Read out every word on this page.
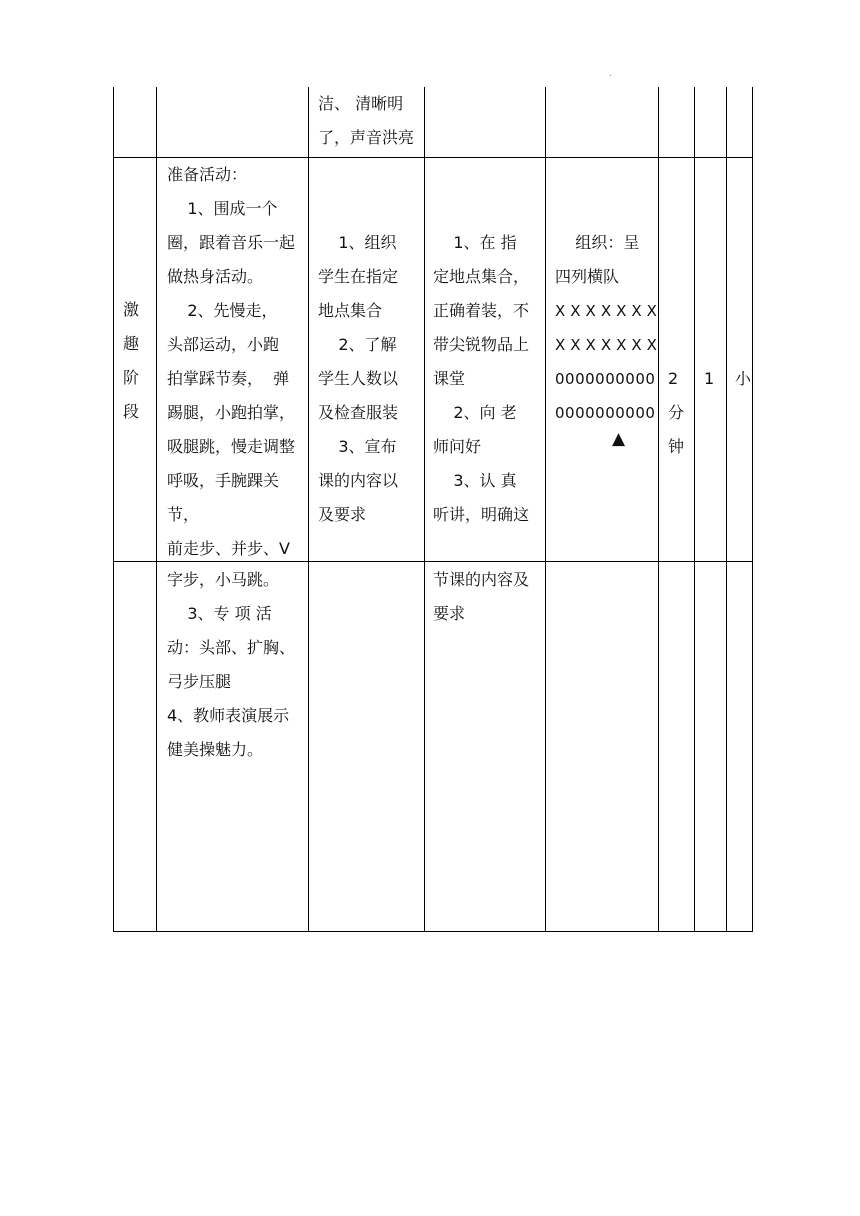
.
洁、 清晰明
了，声音洪亮
激
趣
阶
段
准备活动：
1、围成一个
圈，跟着音乐一起
做热身活动。
2、先慢走，
头部运动，小跑
拍掌踩节奏，  弹
踢腿，小跑拍掌，
吸腿跳，慢走调整
呼吸，手腕踝关
节，
前走步、并步、V
1、组织
学生在指定
地点集合
2、了解
学生人数以
及检查服装
3、宣布
课的内容以
及要求
1、在 指
定地点集合，
正确着装，不
带尖锐物品上
课堂
2、向 老
师问好
3、认 真
听讲，明确这
组织：呈
四列横队
XXXXXXX
XXXXXXX
0000000000
0000000000
▲
2
分
钟
1 小
字步，小马跳。
3、专 项 活
动：头部、扩胸、
弓步压腿
4、教师表演展示
健美操魅力。
节课的内容及
要求
